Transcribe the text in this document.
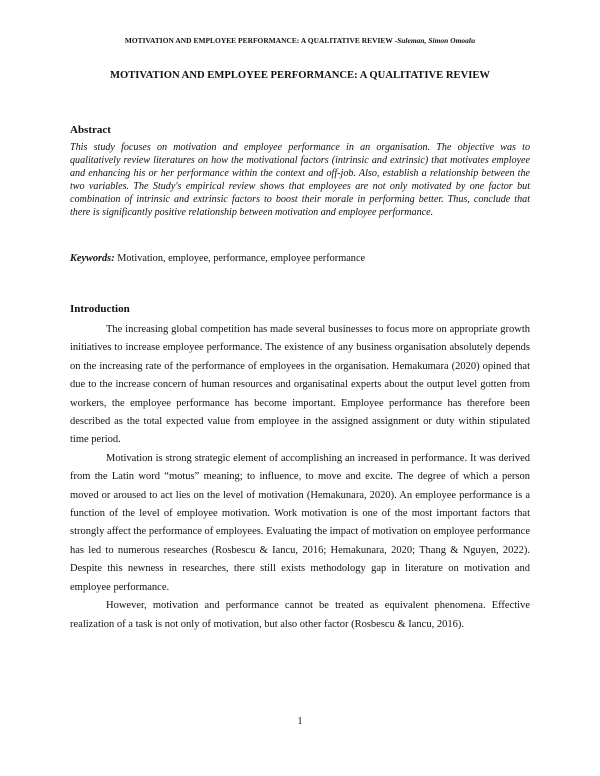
MOTIVATION AND EMPLOYEE PERFORMANCE: A QUALITATIVE REVIEW -Suleman, Simon Omoalu
MOTIVATION AND EMPLOYEE PERFORMANCE: A QUALITATIVE REVIEW
Abstract

This study focuses on motivation and employee performance in an organisation. The objective was to qualitatively review literatures on how the motivational factors (intrinsic and extrinsic) that motivates employee and enhancing his or her performance within the context and off-job. Also, establish a relationship between the two variables. The Study's empirical review shows that employees are not only motivated by one factor but combination of intrinsic and extrinsic factors to boost their morale in performing better. Thus, conclude that there is significantly positive relationship between motivation and employee performance.

Keywords: Motivation, employee, performance, employee performance
Introduction

The increasing global competition has made several businesses to focus more on appropriate growth initiatives to increase employee performance. The existence of any business organisation absolutely depends on the increasing rate of the performance of employees in the organisation. Hemakumara (2020) opined that due to the increase concern of human resources and organisatinal experts about the output level gotten from workers, the employee performance has become important. Employee performance has therefore been described as the total expected value from employee in the assigned assignment or duty within stipulated time period.

Motivation is strong strategic element of accomplishing an increased in performance. It was derived from the Latin word “motus” meaning; to influence, to move and excite. The degree of which a person moved or aroused to act lies on the level of motivation (Hemakunara, 2020). An employee performance is a function of the level of employee motivation. Work motivation is one of the most important factors that strongly affect the performance of employees. Evaluating the impact of motivation on employee performance has led to numerous researches (Rosbescu & Iancu, 2016; Hemakunara, 2020; Thang & Nguyen, 2022). Despite this newness in researches, there still exists methodology gap in literature on motivation and employee performance.

However, motivation and performance cannot be treated as equivalent phenomena. Effective realization of a task is not only of motivation, but also other factor (Rosbescu & Iancu, 2016).

1
